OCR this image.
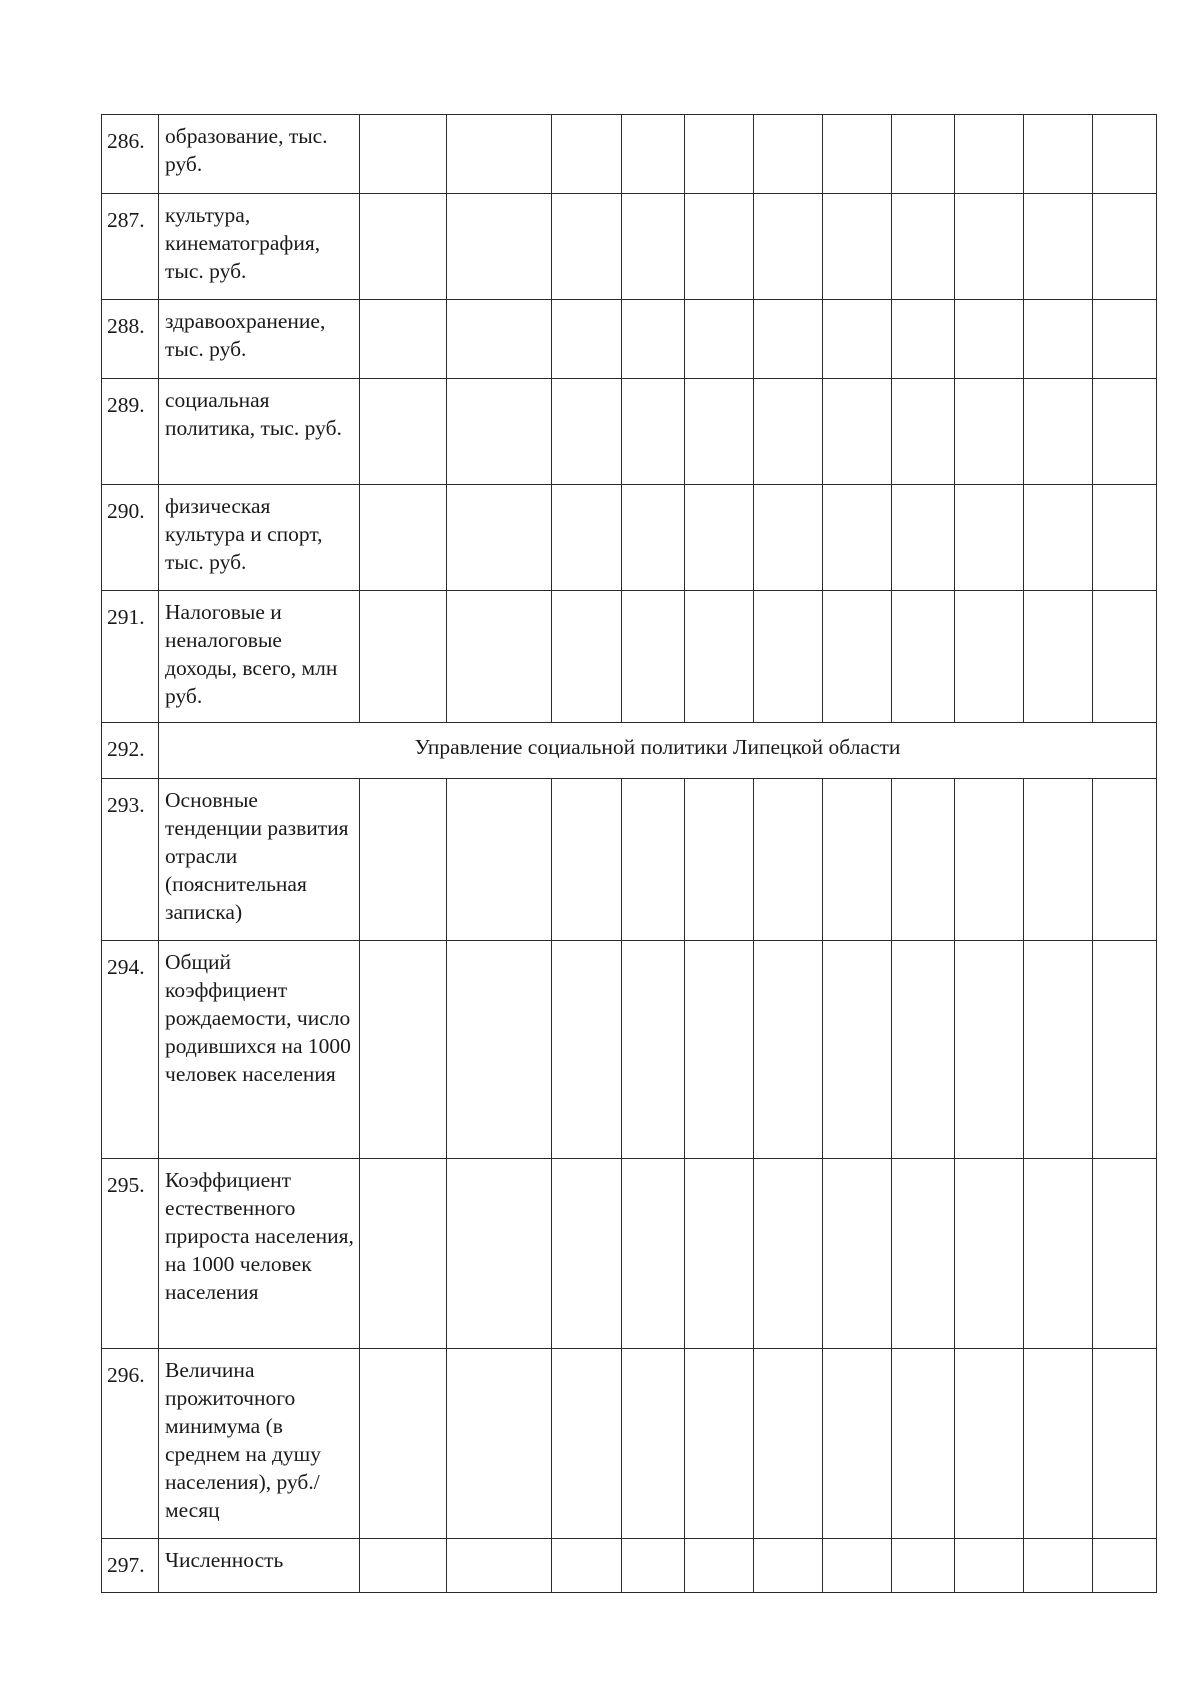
286.	образование, тыс. руб.											

287.	культура, кинематография, тыс. руб.											

288.	здравоохранение, тыс. руб.											

289.	социальная политика, тыс. руб.											

290.	физическая культура и спорт, тыс. руб.											

291.	Налоговые и неналоговые доходы, всего, млн руб.											

292.	Управление социальной политики Липецкой области											
293.	Основные тенденции развития отрасли (пояснительная записка)											

294.	Общий коэффициент рождаемости, число родившихся на 1000 человек населения											

295.	Коэффициент естественного прироста населения, на 1000 человек населения											

296.	Величина прожиточного минимума (в среднем на душу населения), руб./месяц											

297.	Численность											
